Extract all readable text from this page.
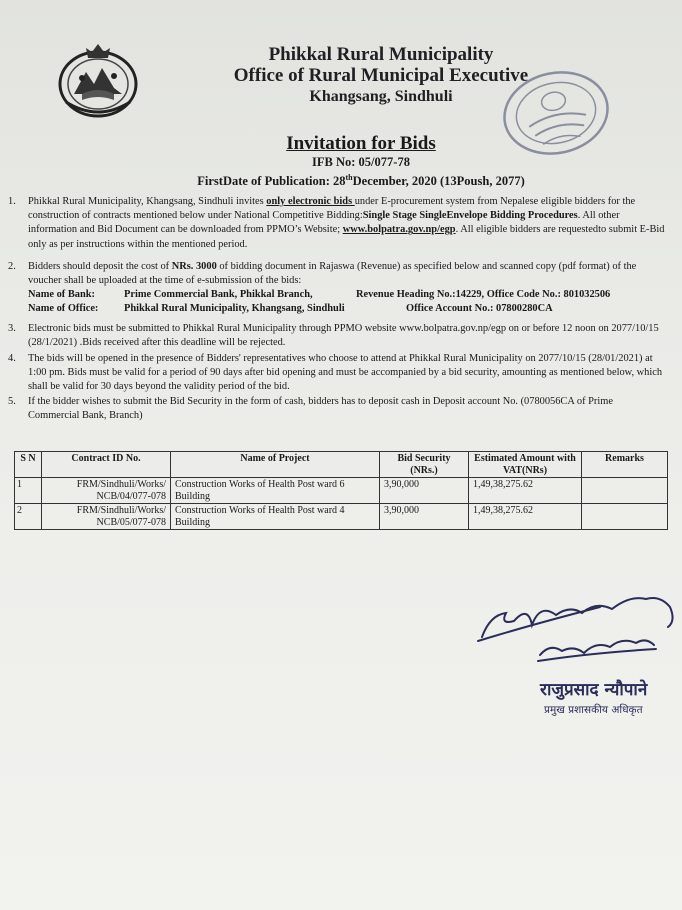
Phikkal Rural Municipality
Office of Rural Municipal Executive
Khangsang, Sindhuli
Invitation for Bids
IFB No: 05/077-78
FirstDate of Publication: 28thDecember, 2020 (13Poush, 2077)
1. Phikkal Rural Municipality, Khangsang, Sindhuli invites only electronic bids under E-procurement system from Nepalese eligible bidders for the construction of contracts mentioned below under National Competitive Bidding:Single Stage SingleEnvelope Bidding Procedures. All other information and Bid Document can be downloaded from PPMO’s Website; www.bolpatra.gov.np/egp. All eligible bidders are requestedto submit E-Bid only as per instructions within the mentioned period.
2. Bidders should deposit the cost of NRs. 3000 of bidding document in Rajaswa (Revenue) as specified below and scanned copy (pdf format) of the voucher shall be uploaded at the time of e-submission of the bids:
Name of Bank:	Prime Commercial Bank, Phikkal Branch,	Revenue Heading No.:14229, Office Code No.: 801032506
Name of Office:	Phikkal Rural Municipality, Khangsang, Sindhuli	Office Account No.: 07800280CA
3. Electronic bids must be submitted to Phikkal Rural Municipality through PPMO website www.bolpatra.gov.np/egp on or before 12 noon on 2077/10/15 (28/1/2021) .Bids received after this deadline will be rejected.
4. The bids will be opened in the presence of Bidders' representatives who choose to attend at Phikkal Rural Municipality on 2077/10/15 (28/01/2021) at 1:00 pm. Bids must be valid for a period of 90 days after bid opening and must be accompanied by a bid security, amounting as mentioned below, which shall be valid for 30 days beyond the validity period of the bid.
5. If the bidder wishes to submit the Bid Security in the form of cash, bidders has to deposit cash in Deposit account No. (0780056CA of Prime Commercial Bank, Branch)
S N	Contract ID No.	Name of Project	Bid Security (NRs.)	Estimated Amount with VAT(NRs)	Remarks
1	FRM/Sindhuli/Works/ NCB/04/077-078	Construction Works of Health Post ward 6 Building	3,90,000	1,49,38,275.62	
2	FRM/Sindhuli/Works/ NCB/05/077-078	Construction Works of Health Post ward 4 Building	3,90,000	1,49,38,275.62	
राजुप्रसाद न्यौपाने
प्रमुख प्रशासकीय अधिकृत
